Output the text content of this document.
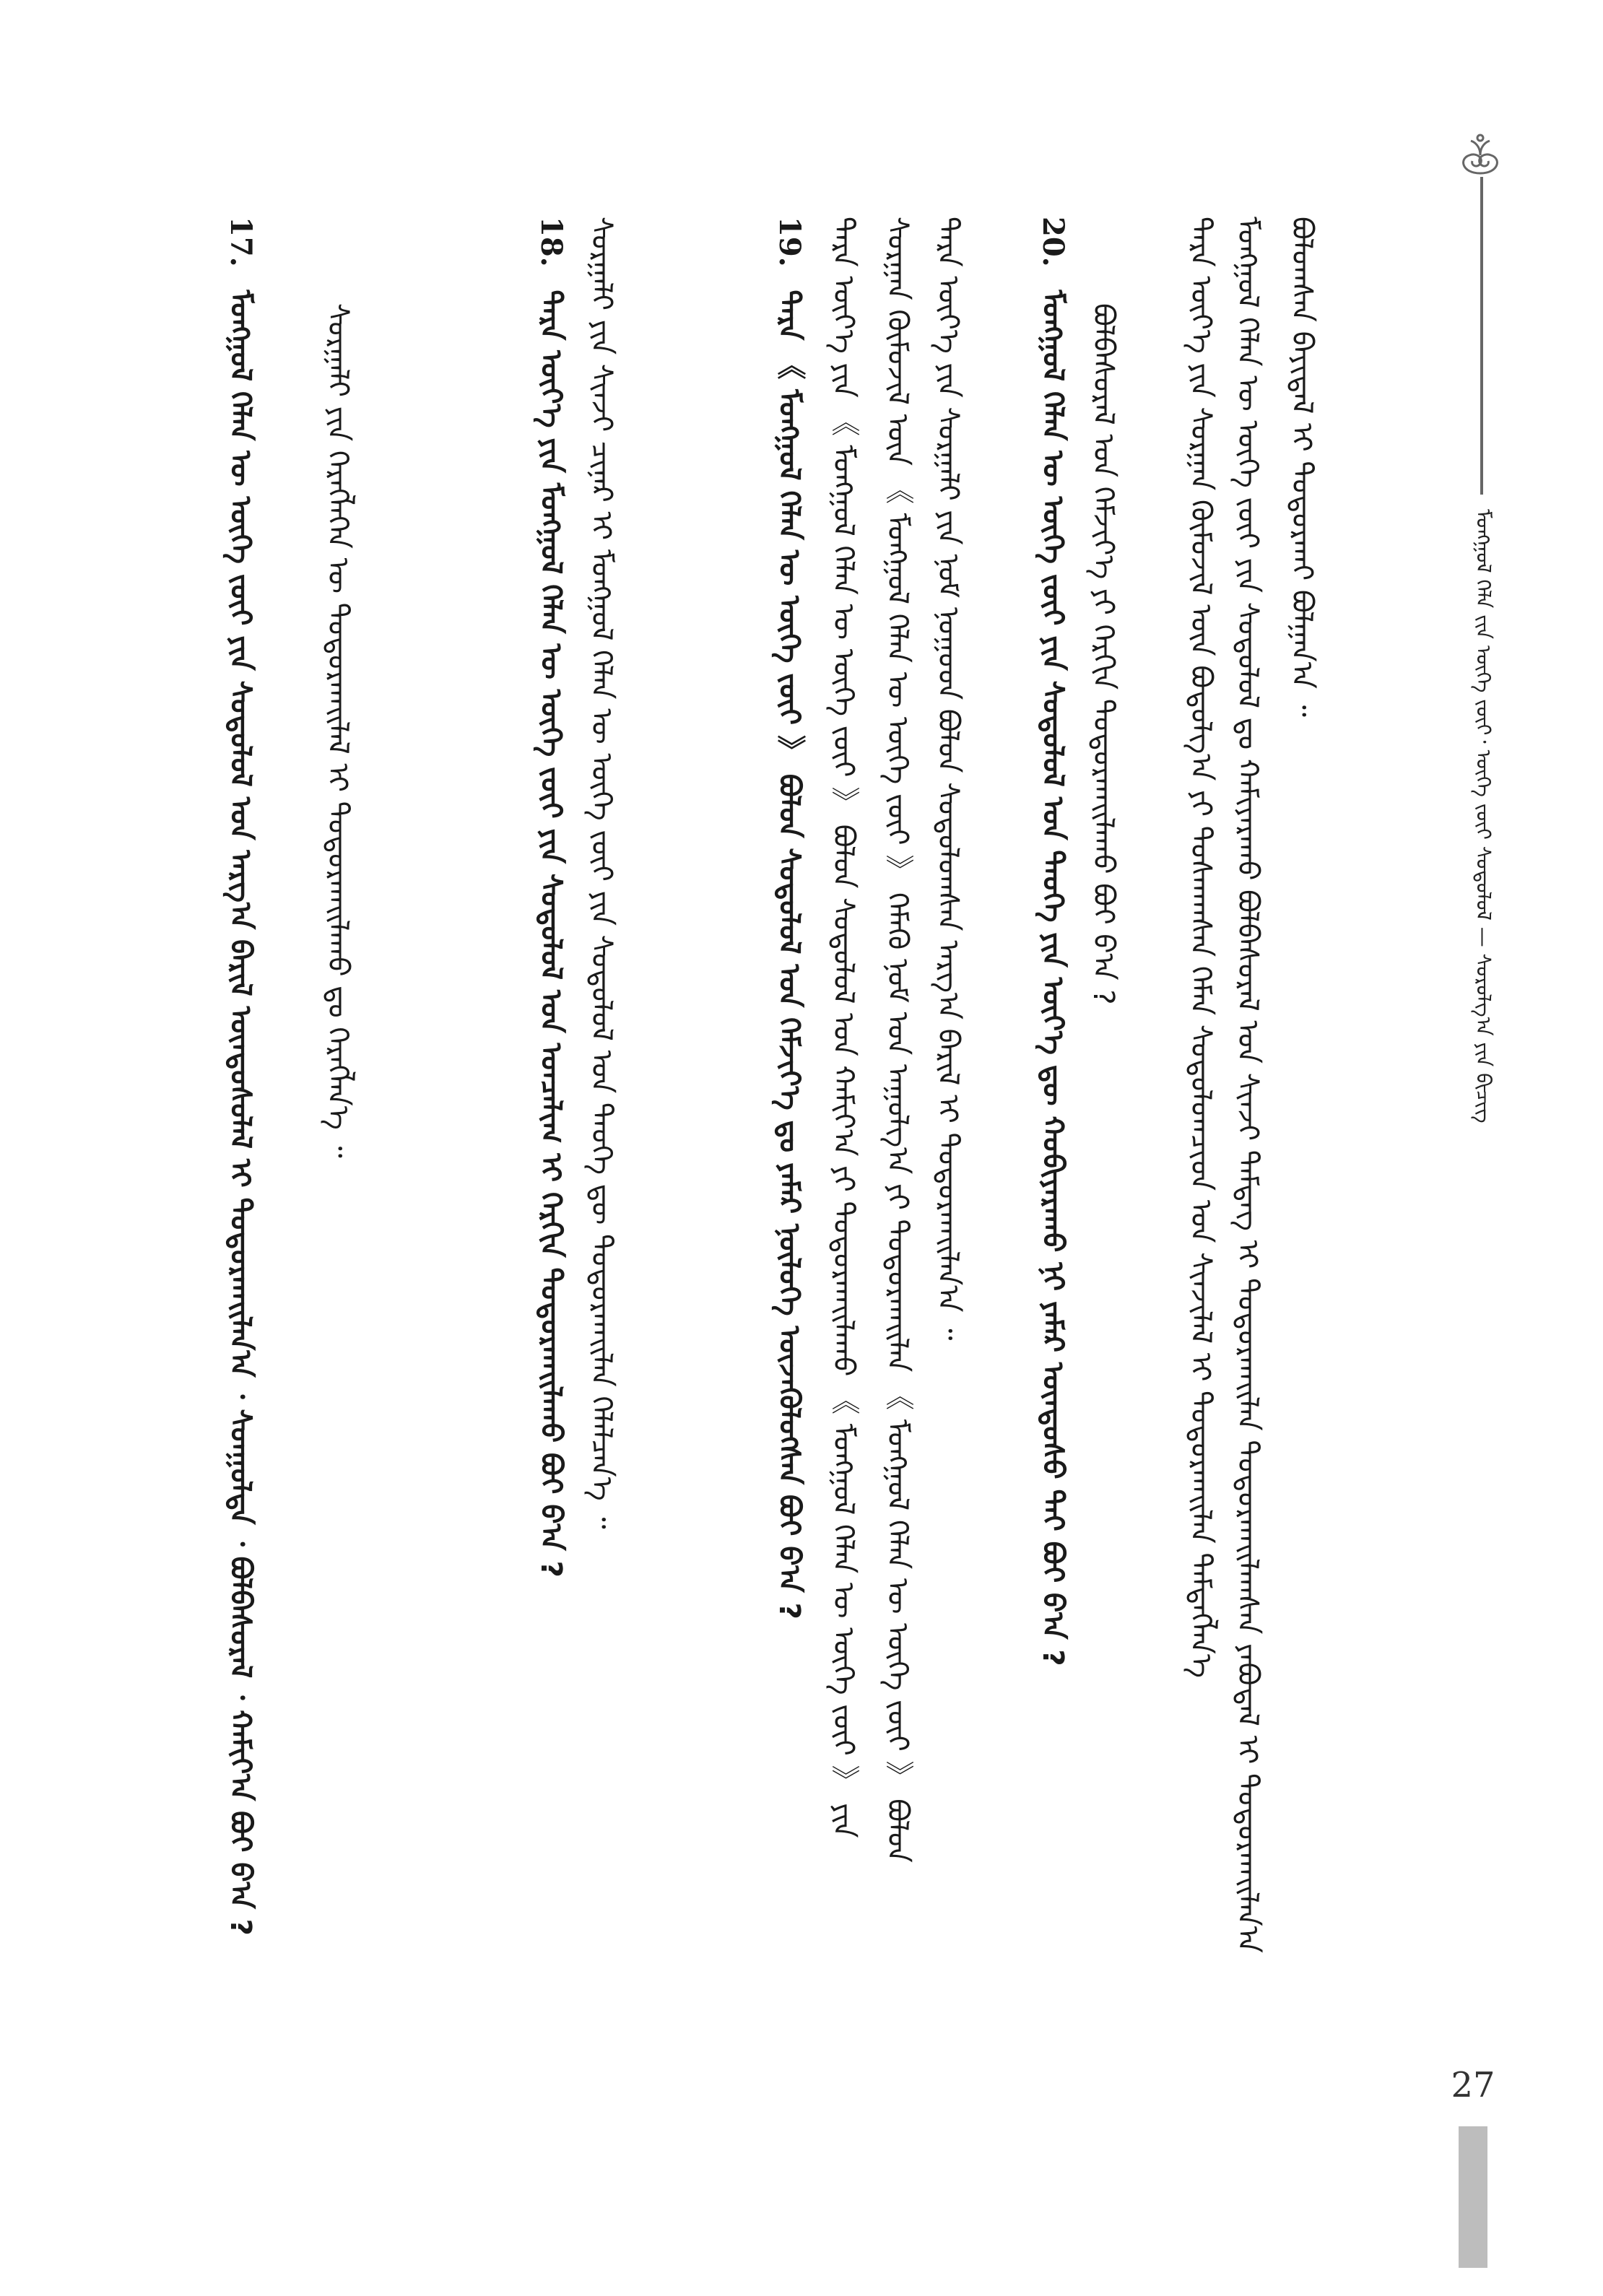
ᠮᠣᠩᠭᠣᠯ ᠬᠡᠯᠡ ᠵᠢᠨ ᠦᠭᠡ ᠵᠦᠢ᠂ ᠦᠭᠡ ᠵᠦᠢ ᠰᠤᠳᠤᠯᠤᠯ — ᠰᠤᠷᠤᠯᠭ᠎ᠠ ᠶᠢᠨ ᠪᠢᠴᠢᠭ
27
ᠪᠣᠯᠣᠭᠰᠠᠨ ᠪᠠᠶᠢᠳᠠᠯ ᠢ ᠲᠣᠳᠤᠷᠬᠠᠢ ᠪᠣᠯᠭᠠᠨ᠎ᠠ ᠃
ᠮᠣᠩᠭᠣᠯ ᠬᠡᠯᠡᠨ ᠦ ᠦᠭᠡ ᠵᠦᠢ ᠶᠢᠨ ᠰᠤᠳᠤᠯᠤᠯ ᠳᠤ ᠬᠠᠮᠢᠶᠠᠷᠠᠬᠤ ᠪᠣᠯᠪᠠᠰᠤᠷᠠᠯ ᠤᠨ ᠰᠢᠨᠵᠢ ᠲᠡᠮᠳᠡᠭ ᠢ ᠲᠣᠳᠤᠷᠬᠠᠢᠯᠠᠨ ᠲᠣᠳᠤᠷᠬᠠᠢᠯᠠᠭᠰᠠᠨ ᠶᠠᠪᠤᠳᠠᠯ ᠢ ᠲᠣᠳᠤᠷᠬᠠᠢᠯᠠᠨ᠎ᠠ
ᠲᠡᠷᠡ ᠦᠶ᠎ᠡ ᠶᠢᠨ ᠰᠤᠷᠭᠠᠨ ᠬᠦᠮᠦᠵᠢᠯ ᠦᠨ ᠪᠣᠳᠤᠯᠭ᠎ᠠ ᠶᠢ ᠲᠤᠰᠬᠠᠭᠰᠠᠨ ᠬᠡᠮᠡᠨ ᠰᠤᠳᠤᠯᠤᠭᠴᠢᠳ ᠤᠨ ᠰᠢᠨᠵᠢᠯᠡᠯ ᠢ ᠲᠣᠳᠤᠷᠬᠠᠢᠯᠠᠨ ᠲᠡᠮᠳᠡᠭᠯᠡᠨ᠎ᠡ
ᠪᠣᠯᠪᠠᠰᠤᠷᠠᠯ ᠤᠨ ᠬᠡᠮᠵᠢᠶ᠎ᠡ ᠶᠢ ᠬᠡᠷᠬᠢᠨ ᠲᠣᠳᠤᠷᠬᠠᠢᠯᠠᠬᠤ ᠪᠤᠢ ᠪ᠎ᠠ ?
20. ᠮᠣᠩᠭᠣᠯ ᠬᠡᠯᠡᠨ ᠦ ᠦᠭᠡ ᠵᠦᠢ ᠶᠢᠨ ᠰᠤᠳᠤᠯᠤᠯ ᠤᠨ ᠲᠡᠦᠬᠡ ᠶᠢᠨ ᠦᠶ᠎ᠡ ᠳᠦ ᠬᠤᠪᠢᠶᠠᠷᠠᠬᠤ ᠨᠢ ᠶᠠᠮᠠᠷ ᠦᠨᠳᠦᠰᠦ ᠲᠡᠶ ᠪᠤᠢ ᠪ᠎ᠠ ?
ᠲᠡᠷᠡ ᠦᠶ᠎ᠡ ᠶᠢᠨ ᠰᠤᠷᠭᠠᠯᠢ ᠶᠢᠨ ᠨᠣᠮ ᠨᠤᠭᠤᠳ ᠪᠣᠯᠤᠨ ᠰᠤᠳᠤᠯᠤᠭᠰᠠᠨ ᠠᠷᠭ᠎ᠠ ᠪᠠᠷᠢᠯ ᠢ ᠲᠣᠳᠤᠷᠬᠠᠢᠯᠠᠨ᠎ᠠ ᠃
ᠰᠤᠷᠭᠠᠨ ᠬᠦᠮᠦᠵᠢᠯ ᠦᠨ 《 ᠮᠣᠩᠭᠣᠯ ᠬᠡᠯᠡᠨ ᠦ ᠦᠭᠡ ᠵᠦᠢ 》 ᠬᠡᠮᠡᠬᠦ ᠨᠣᠮ ᠤᠨ ᠠᠭᠤᠯᠭ᠎ᠠ ᠶᠢ ᠲᠣᠳᠤᠷᠬᠠᠢᠯᠠᠨ 《 ᠮᠣᠩᠭᠣᠯ ᠬᠡᠯᠡᠨ ᠦ ᠦᠭᠡ ᠵᠦᠢ 》 ᠪᠣᠯᠤᠨ
ᠲᠡᠷᠡ ᠦᠶ᠎ᠡ ᠶᠢᠨ 《 ᠮᠣᠩᠭᠣᠯ ᠬᠡᠯᠡᠨ ᠦ ᠦᠭᠡ ᠵᠦᠢ 》 ᠪᠣᠯᠤᠨ ᠰᠤᠳᠤᠯᠤᠯ ᠤᠨ ᠬᠠᠮᠢᠶ᠎ᠠ ᠶᠢ ᠲᠣᠳᠤᠷᠬᠠᠢᠯᠠᠬᠤ 《 ᠮᠣᠩᠭᠣᠯ ᠬᠡᠯᠡᠨ ᠦ ᠦᠭᠡ ᠵᠦᠢ 》 ᠶᠢᠨ
19. ᠲᠡᠷᠡ 《 ᠮᠣᠩᠭᠣᠯ ᠬᠡᠯᠡᠨ ᠦ ᠦᠭᠡ ᠵᠦᠢ 》 ᠪᠣᠯᠤᠨ ᠰᠤᠳᠤᠯᠤᠯ ᠤᠨ ᠬᠡᠮᠵᠢᠶ᠎ᠡ ᠳᠤ ᠶᠠᠮᠠᠷ ᠨᠥᠯᠦᠭᠡ ᠦᠵᠡᠭᠦᠯᠦᠭᠰᠡᠨ ᠪᠤᠢ ᠪ᠎ᠠ ?
ᠰᠤᠷᠭᠠᠯᠢ ᠶᠢᠨ ᠰᠢᠨᠵᠢ ᠴᠢᠨᠠᠷ ᠢ ᠮᠣᠩᠭᠣᠯ ᠬᠡᠯᠡᠨ ᠦ ᠦᠭᠡ ᠵᠦᠢ ᠶᠢᠨ ᠰᠤᠳᠤᠯᠤᠯ ᠤᠨ ᠲᠡᠦᠬᠡ ᠳᠦ ᠲᠣᠳᠤᠷᠬᠠᠢᠯᠠᠨ ᠬᠡᠯᠡᠯᠴᠡᠨ᠎ᠡ ᠃
18. ᠲᠡᠷᠡ ᠦᠶ᠎ᠡ ᠶᠢᠨ ᠮᠣᠩᠭᠣᠯ ᠬᠡᠯᠡᠨ ᠦ ᠦᠭᠡ ᠵᠦᠢ ᠶᠢᠨ ᠰᠤᠳᠤᠯᠤᠯ ᠤᠨ ᠣᠨᠴᠠᠯᠢᠭ ᠢ ᠬᠡᠷᠬᠢᠨ ᠲᠣᠳᠤᠷᠬᠠᠢᠯᠠᠬᠤ ᠪᠤᠢ ᠪ᠎ᠠ ?
ᠰᠤᠷᠭᠠᠯᠢ ᠶᠢᠨ ᠬᠡᠷᠡᠭᠯᠡᠭᠡᠨ ᠦ ᠲᠣᠳᠤᠷᠬᠠᠢᠯᠠᠯ ᠢ ᠲᠣᠳᠤᠷᠬᠠᠢᠯᠠᠬᠤ ᠳᠤ ᠬᠡᠷᠡᠭᠯᠡᠨ᠎ᠡ ᠃
17. ᠮᠣᠩᠭᠣᠯ ᠬᠡᠯᠡᠨ ᠦ ᠦᠭᠡ ᠵᠦᠢ ᠶᠢᠨ ᠰᠤᠳᠤᠯᠤᠯ ᠤᠨ ᠠᠷᠭ᠎ᠠ ᠪᠠᠷᠢᠯ ᠦᠨᠳᠦᠰᠦᠯᠡᠯ ᠢ ᠲᠣᠳᠤᠷᠬᠠᠢᠯᠠᠨ᠎ᠠ ᠂ ᠰᠣᠨᠭᠤᠯᠲᠠ ᠂ ᠪᠣᠯᠪᠠᠰᠤᠷᠠᠯ ᠂ ᠬᠠᠮᠢᠶ᠎ᠠ ᠪᠤᠢ ᠪ᠎ᠠ ?
